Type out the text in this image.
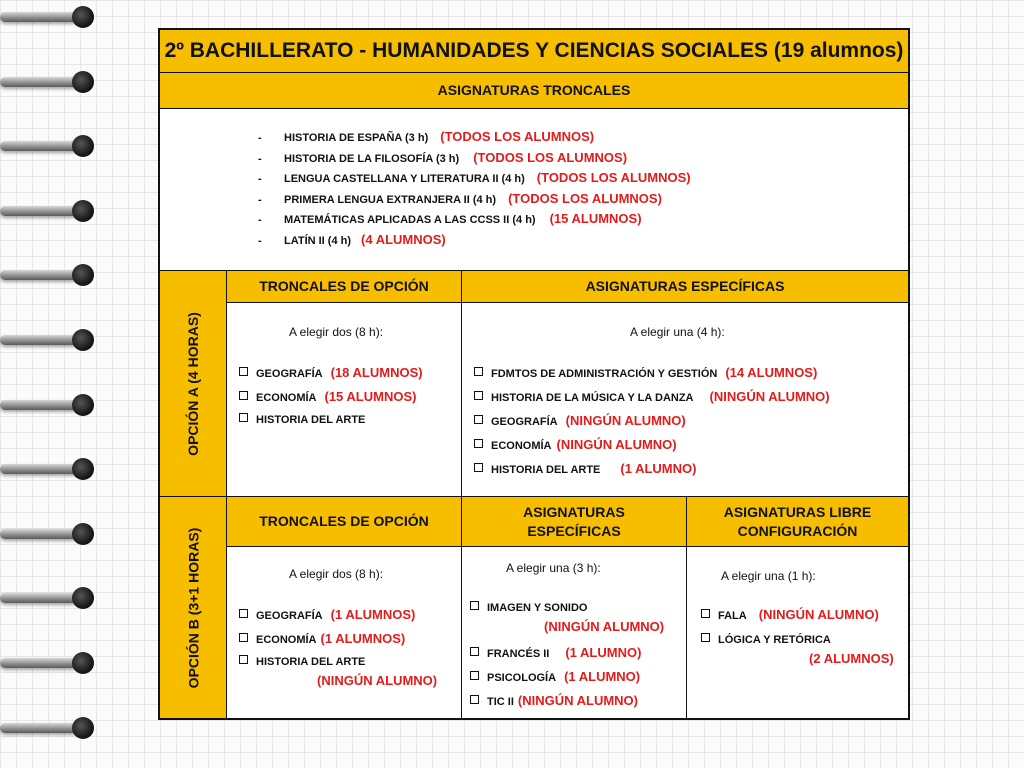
2º BACHILLERATO - HUMANIDADES Y CIENCIAS SOCIALES (19 alumnos)
ASIGNATURAS TRONCALES
- HISTORIA DE ESPAÑA (3 h) (TODOS LOS ALUMNOS)
- HISTORIA DE LA FILOSOFÍA (3 h) (TODOS LOS ALUMNOS)
- LENGUA CASTELLANA Y LITERATURA II (4 h) (TODOS LOS ALUMNOS)
- PRIMERA LENGUA EXTRANJERA II (4 h) (TODOS LOS ALUMNOS)
- MATEMÁTICAS APLICADAS A LAS CCSS II (4 h) (15 ALUMNOS)
- LATÍN II (4 h) (4 ALUMNOS)
OPCIÓN A (4 HORAS)
TRONCALES DE OPCIÓN	ASIGNATURAS ESPECÍFICAS
A elegir dos (8 h):
GEOGRAFÍA (18 ALUMNOS)
ECONOMÍA (15 ALUMNOS)
HISTORIA DEL ARTE
A elegir una (4 h):
FDMTOS DE ADMINISTRACIÓN Y GESTIÓN (14 ALUMNOS)
HISTORIA DE LA MÚSICA Y LA DANZA (NINGÚN ALUMNO)
GEOGRAFÍA (NINGÚN ALUMNO)
ECONOMÍA (NINGÚN ALUMNO)
HISTORIA DEL ARTE (1 ALUMNO)
OPCIÓN B (3+1 HORAS)
TRONCALES DE OPCIÓN
ASIGNATURAS
ESPECÍFICAS
ASIGNATURAS LIBRE
CONFIGURACIÓN
A elegir dos (8 h):
GEOGRAFÍA (1 ALUMNOS)
ECONOMÍA (1 ALUMNOS)
HISTORIA DEL ARTE
(NINGÚN ALUMNO)
A elegir una (3 h):
IMAGEN Y SONIDO
(NINGÚN ALUMNO)
FRANCÉS II (1 ALUMNO)
PSICOLOGÍA (1 ALUMNO)
TIC II (NINGÚN ALUMNO)
A elegir una (1 h):
FALA (NINGÚN ALUMNO)
LÓGICA Y RETÓRICA
(2 ALUMNOS)
